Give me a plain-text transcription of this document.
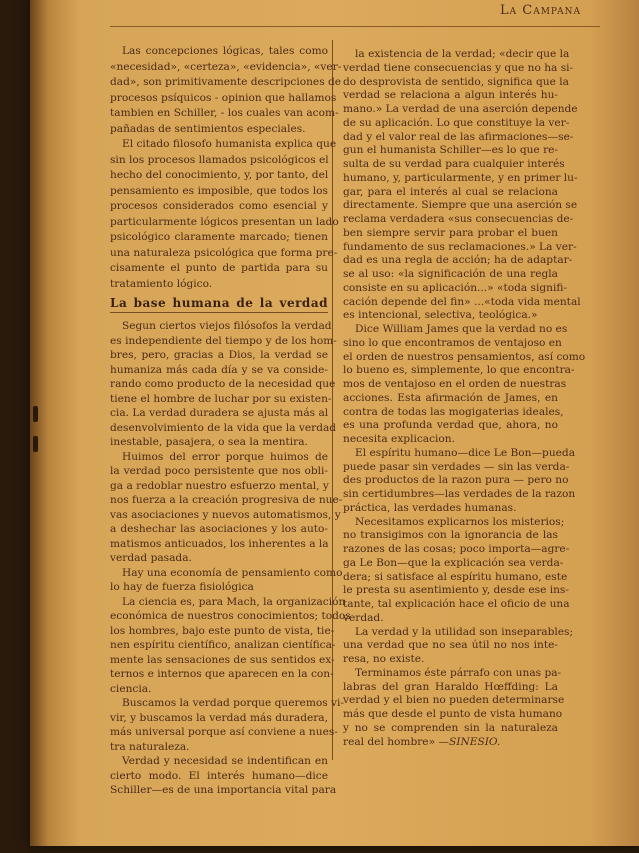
La Campana
Las concepciones lógicas, tales como
«necesidad», «certeza», «evidencia», «ver-
dad», son primitivamente descripciones de
procesos psíquicos - opinion que hallamos
tambien en Schiller, - los cuales van acom-
pañadas de sentimientos especiales.
El citado filosofo humanista explica que
sin los procesos llamados psicológicos el
hecho del conocimiento, y, por tanto, del
pensamiento es imposible, que todos los
procesos considerados como esencial y
particularmente lógicos presentan un lado
psicológico claramente marcado; tienen
una naturaleza psicológica que forma pre-
cisamente el punto de partida para su
tratamiento lógico.
La base humana de la verdad
Segun ciertos viejos filósofos la verdad
es independiente del tiempo y de los hom-
bres, pero, gracias a Dios, la verdad se
humaniza más cada día y se va conside-
rando como producto de la necesidad que
tiene el hombre de luchar por su existen-
cia. La verdad duradera se ajusta más al
desenvolvimiento de la vida que la verdad
inestable, pasajera, o sea la mentira.
Huimos del error porque huimos de
la verdad poco persistente que nos obli-
ga a redoblar nuestro esfuerzo mental, y
nos fuerza a la creación progresiva de nue-
vas asociaciones y nuevos automatismos, y
a deshechar las asociaciones y los auto-
matismos anticuados, los inherentes a la
verdad pasada.
Hay una economía de pensamiento como
lo hay de fuerza fisiológica
La ciencia es, para Mach, la organización
económica de nuestros conocimientos; todos
los hombres, bajo este punto de vista, tie-
nen espíritu científico, analizan científica-
mente las sensaciones de sus sentidos ex-
ternos e internos que aparecen en la con-
ciencia.
Buscamos la verdad porque queremos vi-
vir, y buscamos la verdad más duradera,
más universal porque así conviene a nues-
tra naturaleza.
Verdad y necesidad se indentifican en
cierto modo. El interés humano—dice
Schiller—es de una importancia vital para
la existencia de la verdad; «decir que la
verdad tiene consecuencias y que no ha si-
do desprovista de sentido, significa que la
verdad se relaciona a algun interés hu-
mano.» La verdad de una aserción depende
de su aplicación. Lo que constituye la ver-
dad y el valor real de las afirmaciones—se-
gun el humanista Schiller—es lo que re-
sulta de su verdad para cualquier interés
humano, y, particularmente, y en primer lu-
gar, para el interés al cual se relaciona
directamente. Siempre que una aserción se
reclama verdadera «sus consecuencias de-
ben siempre servir para probar el buen
fundamento de sus reclamaciones.» La ver-
dad es una regla de acción; ha de adaptar-
se al uso: «la significación de una regla
consiste en su aplicación...» «toda signifi-
cación depende del fin» ...«toda vida mental
es intencional, selectiva, teológica.»
Dice William James que la verdad no es
sino lo que encontramos de ventajoso en
el orden de nuestros pensamientos, así como
lo bueno es, simplemente, lo que encontra-
mos de ventajoso en el orden de nuestras
acciones. Esta afirmación de James, en
contra de todas las mogigaterias ideales,
es una profunda verdad que, ahora, no
necesita explicacion.
El espíritu humano—dice Le Bon—pueda
puede pasar sin verdades — sin las verda-
des productos de la razon pura — pero no
sin certidumbres—las verdades de la razon
práctica, las verdades humanas.
Necesitamos explicarnos los misterios;
no transigimos con la ignorancia de las
razones de las cosas; poco importa—agre-
ga Le Bon—que la explicación sea verda-
dera; si satisface al espíritu humano, este
le presta su asentimiento y, desde ese ins-
tante, tal explicación hace el oficio de una
verdad.
La verdad y la utilidad son inseparables;
una verdad que no sea útil no nos inte-
resa, no existe.
Terminamos éste párrafo con unas pa-
labras del gran Haraldo Hœffding: La
verdad y el bien no pueden determinarse
más que desde el punto de vista humano
y no se comprenden sin la naturaleza
real del hombre» —SINESIO.
